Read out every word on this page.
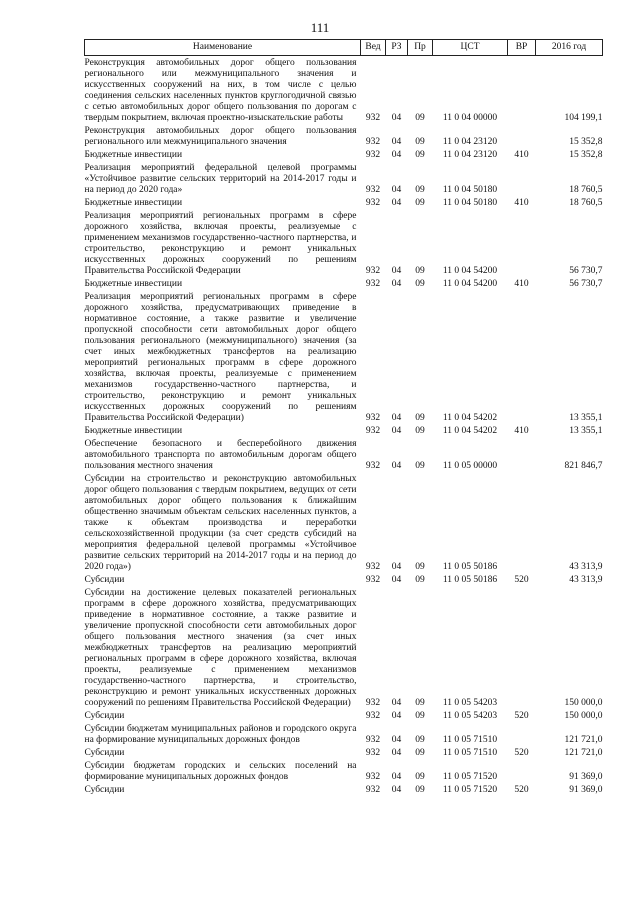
111
Наименование	Вед	РЗ	Пр	ЦСТ	ВР	2016 год
Реконструкция автомобильных дорог общего пользования регионального или межмуниципального значения и искусственных сооружений на них, в том числе с целью соединения сельских населенных пунктов круглогодичной связью с сетью автомобильных дорог общего пользования по дорогам с твердым покрытием, включая проектно-изыскательские работы	932	04	09	11 0 04 00000		104 199,1
Реконструкция автомобильных дорог общего пользования регионального или межмуниципального значения	932	04	09	11 0 04 23120		15 352,8
Бюджетные инвестиции	932	04	09	11 0 04 23120	410	15 352,8
Реализация мероприятий федеральной целевой программы «Устойчивое развитие сельских территорий на 2014-2017 годы и на период до 2020 года»	932	04	09	11 0 04 50180		18 760,5
Бюджетные инвестиции	932	04	09	11 0 04 50180	410	18 760,5
Реализация мероприятий региональных программ в сфере дорожного хозяйства, включая проекты, реализуемые с применением механизмов государственно-частного партнерства, и строительство, реконструкцию и ремонт уникальных искусственных дорожных сооружений по решениям Правительства Российской Федерации	932	04	09	11 0 04 54200		56 730,7
Бюджетные инвестиции	932	04	09	11 0 04 54200	410	56 730,7
Реализация мероприятий региональных программ в сфере дорожного хозяйства, предусматривающих приведение в нормативное состояние, а также развитие и увеличение пропускной способности сети автомобильных дорог общего пользования регионального (межмуниципального) значения (за счет иных межбюджетных трансфертов на реализацию мероприятий региональных программ в сфере дорожного хозяйства, включая проекты, реализуемые с применением механизмов государственно-частного партнерства, и строительство, реконструкцию и ремонт уникальных искусственных дорожных сооружений по решениям Правительства Российской Федерации)	932	04	09	11 0 04 54202		13 355,1
Бюджетные инвестиции	932	04	09	11 0 04 54202	410	13 355,1
Обеспечение безопасного и бесперебойного движения автомобильного транспорта по автомобильным дорогам общего пользования местного значения	932	04	09	11 0 05 00000		821 846,7
Субсидии на строительство и реконструкцию автомобильных дорог общего пользования с твердым покрытием, ведущих от сети автомобильных дорог общего пользования к ближайшим общественно значимым объектам сельских населенных пунктов, а также к объектам производства и переработки сельскохозяйственной продукции (за счет средств субсидий на мероприятия федеральной целевой программы «Устойчивое развитие сельских территорий на 2014-2017 годы и на период до 2020 года»)	932	04	09	11 0 05 50186		43 313,9
Субсидии	932	04	09	11 0 05 50186	520	43 313,9
Субсидии на достижение целевых показателей региональных программ в сфере дорожного хозяйства, предусматривающих приведение в нормативное состояние, а также развитие и увеличение пропускной способности сети автомобильных дорог общего пользования местного значения (за счет иных межбюджетных трансфертов на реализацию мероприятий региональных программ в сфере дорожного хозяйства, включая проекты, реализуемые с применением механизмов государственно-частного партнерства, и строительство, реконструкцию и ремонт уникальных искусственных дорожных сооружений по решениям Правительства Российской Федерации)	932	04	09	11 0 05 54203		150 000,0
Субсидии	932	04	09	11 0 05 54203	520	150 000,0
Субсидии бюджетам муниципальных районов и городского округа на формирование муниципальных дорожных фондов	932	04	09	11 0 05 71510		121 721,0
Субсидии	932	04	09	11 0 05 71510	520	121 721,0
Субсидии бюджетам городских и сельских поселений на формирование муниципальных дорожных фондов	932	04	09	11 0 05 71520		91 369,0
Субсидии	932	04	09	11 0 05 71520	520	91 369,0
